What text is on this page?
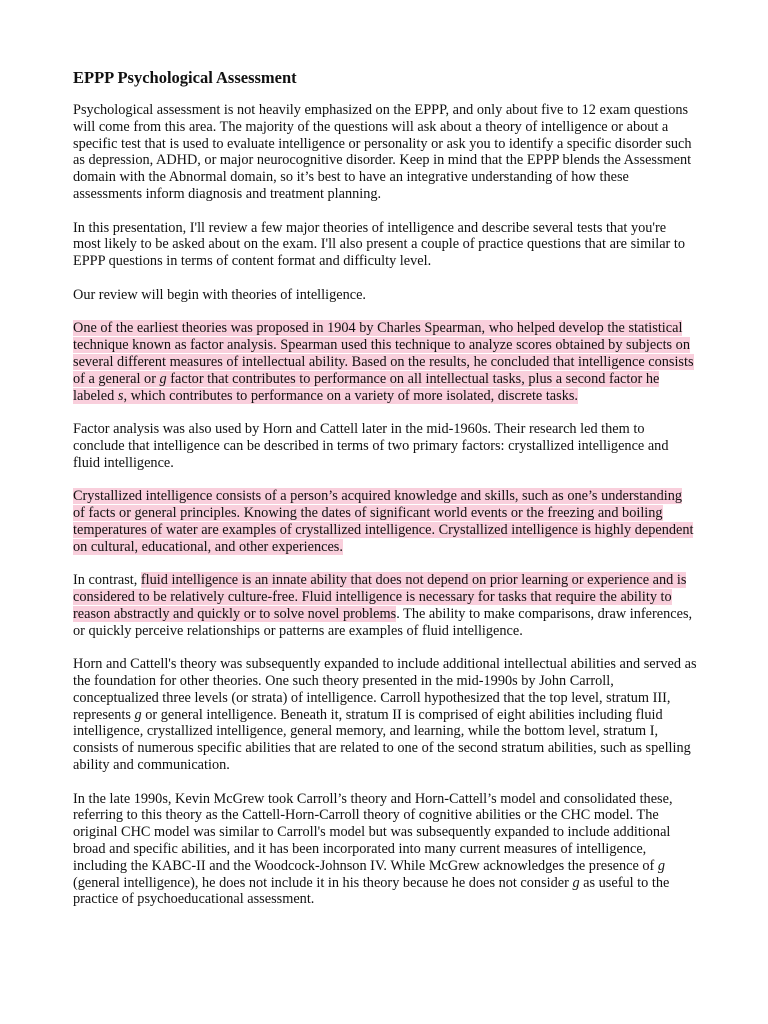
EPPP Psychological Assessment

Psychological assessment is not heavily emphasized on the EPPP, and only about five to 12 exam questions will come from this area. The majority of the questions will ask about a theory of intelligence or about a specific test that is used to evaluate intelligence or personality or ask you to identify a specific disorder such as depression, ADHD, or major neurocognitive disorder. Keep in mind that the EPPP blends the Assessment domain with the Abnormal domain, so it’s best to have an integrative understanding of how these assessments inform diagnosis and treatment planning.

In this presentation, I'll review a few major theories of intelligence and describe several tests that you're most likely to be asked about on the exam. I'll also present a couple of practice questions that are similar to EPPP questions in terms of content format and difficulty level.

Our review will begin with theories of intelligence.

One of the earliest theories was proposed in 1904 by Charles Spearman, who helped develop the statistical technique known as factor analysis. Spearman used this technique to analyze scores obtained by subjects on several different measures of intellectual ability. Based on the results, he concluded that intelligence consists of a general or g factor that contributes to performance on all intellectual tasks, plus a second factor he labeled s, which contributes to performance on a variety of more isolated, discrete tasks.

Factor analysis was also used by Horn and Cattell later in the mid-1960s. Their research led them to conclude that intelligence can be described in terms of two primary factors: crystallized intelligence and fluid intelligence.

Crystallized intelligence consists of a person’s acquired knowledge and skills, such as one’s understanding of facts or general principles. Knowing the dates of significant world events or the freezing and boiling temperatures of water are examples of crystallized intelligence. Crystallized intelligence is highly dependent on cultural, educational, and other experiences.

In contrast, fluid intelligence is an innate ability that does not depend on prior learning or experience and is considered to be relatively culture-free. Fluid intelligence is necessary for tasks that require the ability to reason abstractly and quickly or to solve novel problems. The ability to make comparisons, draw inferences, or quickly perceive relationships or patterns are examples of fluid intelligence.

Horn and Cattell's theory was subsequently expanded to include additional intellectual abilities and served as the foundation for other theories. One such theory presented in the mid-1990s by John Carroll, conceptualized three levels (or strata) of intelligence. Carroll hypothesized that the top level, stratum III, represents g or general intelligence. Beneath it, stratum II is comprised of eight abilities including fluid intelligence, crystallized intelligence, general memory, and learning, while the bottom level, stratum I, consists of numerous specific abilities that are related to one of the second stratum abilities, such as spelling ability and communication.

In the late 1990s, Kevin McGrew took Carroll’s theory and Horn-Cattell’s model and consolidated these, referring to this theory as the Cattell-Horn-Carroll theory of cognitive abilities or the CHC model. The original CHC model was similar to Carroll's model but was subsequently expanded to include additional broad and specific abilities, and it has been incorporated into many current measures of intelligence, including the KABC-II and the Woodcock-Johnson IV. While McGrew acknowledges the presence of g (general intelligence), he does not include it in his theory because he does not consider g as useful to the practice of psychoeducational assessment.
